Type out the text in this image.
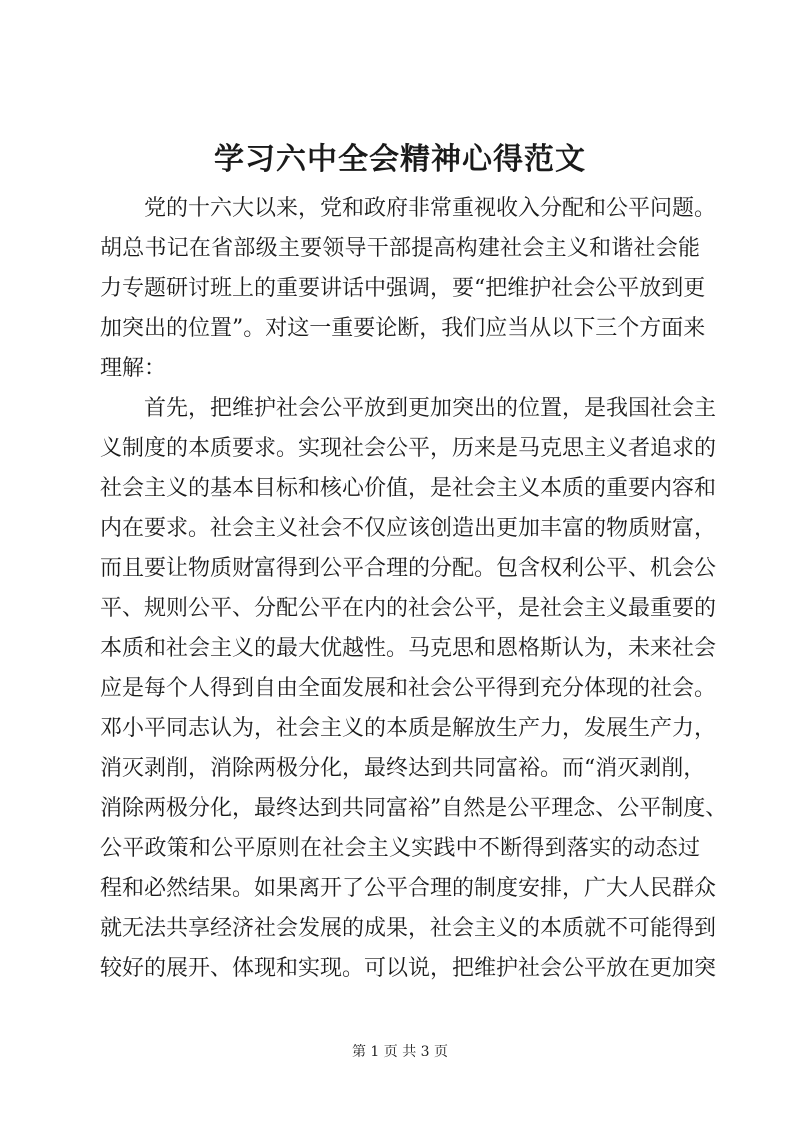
学习六中全会精神心得范文
党的十六大以来，党和政府非常重视收入分配和公平问题。
胡总书记在省部级主要领导干部提高构建社会主义和谐社会能
力专题研讨班上的重要讲话中强调，要“把维护社会公平放到更
加突出的位置”。对这一重要论断，我们应当从以下三个方面来
理解：
首先，把维护社会公平放到更加突出的位置，是我国社会主
义制度的本质要求。实现社会公平，历来是马克思主义者追求的
社会主义的基本目标和核心价值，是社会主义本质的重要内容和
内在要求。社会主义社会不仅应该创造出更加丰富的物质财富，
而且要让物质财富得到公平合理的分配。包含权利公平、机会公
平、规则公平、分配公平在内的社会公平，是社会主义最重要的
本质和社会主义的最大优越性。马克思和恩格斯认为，未来社会
应是每个人得到自由全面发展和社会公平得到充分体现的社会。
邓小平同志认为，社会主义的本质是解放生产力，发展生产力，
消灭剥削，消除两极分化，最终达到共同富裕。而“消灭剥削，
消除两极分化，最终达到共同富裕”自然是公平理念、公平制度、
公平政策和公平原则在社会主义实践中不断得到落实的动态过
程和必然结果。如果离开了公平合理的制度安排，广大人民群众
就无法共享经济社会发展的成果，社会主义的本质就不可能得到
较好的展开、体现和实现。可以说，把维护社会公平放在更加突
第 1 页 共 3 页
